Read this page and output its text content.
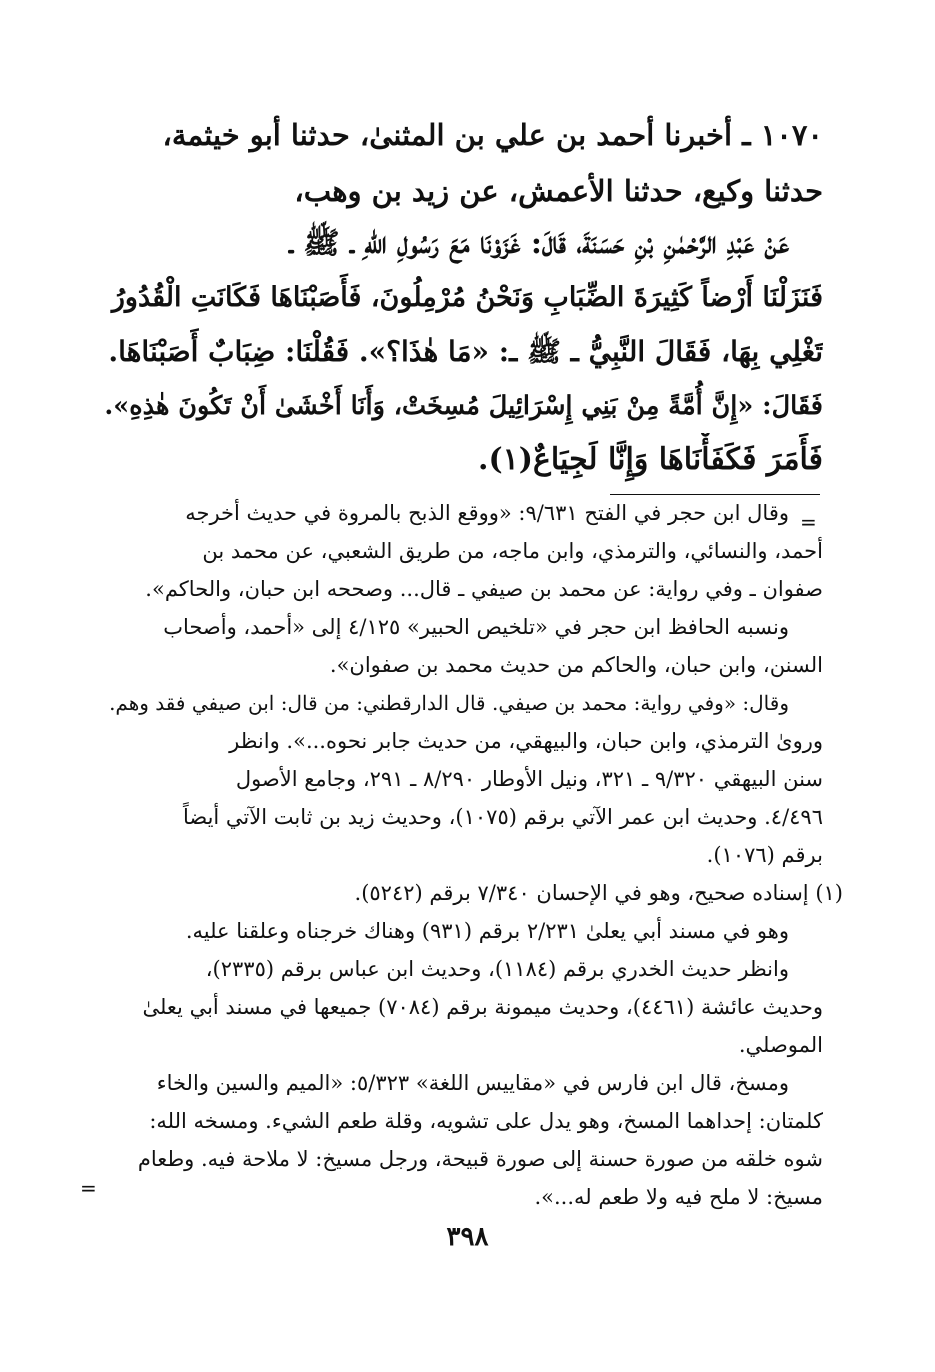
١٠٧٠ ـ أخبرنا أحمد بن علي بن المثنىٰ، حدثنا أبو خيثمة،
حدثنا وكيع، حدثنا الأعمش، عن زيد بن وهب،
عَنْ عَبْدِ الرَّحْمٰنِ بْنِ حَسَنَةَ، قَالَ: غَزَوْنَا مَعَ رَسُولِ اللهِ ـ ﷺ ـ
فَنَزَلْنَا أَرْضاً كَثِيرَةَ الضِّبَابِ وَنَحْنُ مُرْمِلُونَ، فَأَصَبْنَاهَا فَكَانَتِ الْقُدُورُ
تَغْلِي بِهَا، فَقَالَ النَّبِيُّ ـ ﷺ ـ: «مَا هٰذَا؟». فَقُلْنَا: ضِبَابٌ أَصَبْنَاهَا.
فَقَالَ: «إِنَّ أُمَّةً مِنْ بَنِي إِسْرَائِيلَ مُسِخَتْ، وَأَنَا أَخْشَىٰ أَنْ تَكُونَ هٰذِهِ».
فَأَمَرَ فَكَفَأْنَاهَا وَإِنَّا لَجِيَاعٌ(١).
=
وقال ابن حجر في الفتح ٩/٦٣١: «ووقع الذبح بالمروة في حديث أخرجه
أحمد، والنسائي، والترمذي، وابن ماجه، من طريق الشعبي، عن محمد بن
صفوان ـ وفي رواية: عن محمد بن صيفي ـ قال... وصححه ابن حبان، والحاكم».
ونسبه الحافظ ابن حجر في «تلخيص الحبير» ٤/١٢٥ إلى «أحمد، وأصحاب
السنن، وابن حبان، والحاكم من حديث محمد بن صفوان».
وقال: «وفي رواية: محمد بن صيفي. قال الدارقطني: من قال: ابن صيفي فقد وهم.
وروىٰ الترمذي، وابن حبان، والبيهقي، من حديث جابر نحوه...». وانظر
سنن البيهقي ٩/٣٢٠ ـ ٣٢١، ونيل الأوطار ٨/٢٩٠ ـ ٢٩١، وجامع الأصول
٤/٤٩٦. وحديث ابن عمر الآتي برقم (١٠٧٥)، وحديث زيد بن ثابت الآتي أيضاً
برقم (١٠٧٦).
(١) إسناده صحيح، وهو في الإحسان ٧/٣٤٠ برقم (٥٢٤٢).
وهو في مسند أبي يعلىٰ ٢/٢٣١ برقم (٩٣١) وهناك خرجناه وعلقنا عليه.
وانظر حديث الخدري برقم (١١٨٤)، وحديث ابن عباس برقم (٢٣٣٥)،
وحديث عائشة (٤٤٦١)، وحديث ميمونة برقم (٧٠٨٤) جميعها في مسند أبي يعلىٰ
الموصلي.
ومسخ، قال ابن فارس في «مقاييس اللغة» ٥/٣٢٣: «الميم والسين والخاء
كلمتان: إحداهما المسخ، وهو يدل على تشويه، وقلة طعم الشيء. ومسخه الله:
شوه خلقه من صورة حسنة إلى صورة قبيحة، ورجل مسيخ: لا ملاحة فيه. وطعام
مسيخ: لا ملح فيه ولا طعم له...».
=
٣٩٨
